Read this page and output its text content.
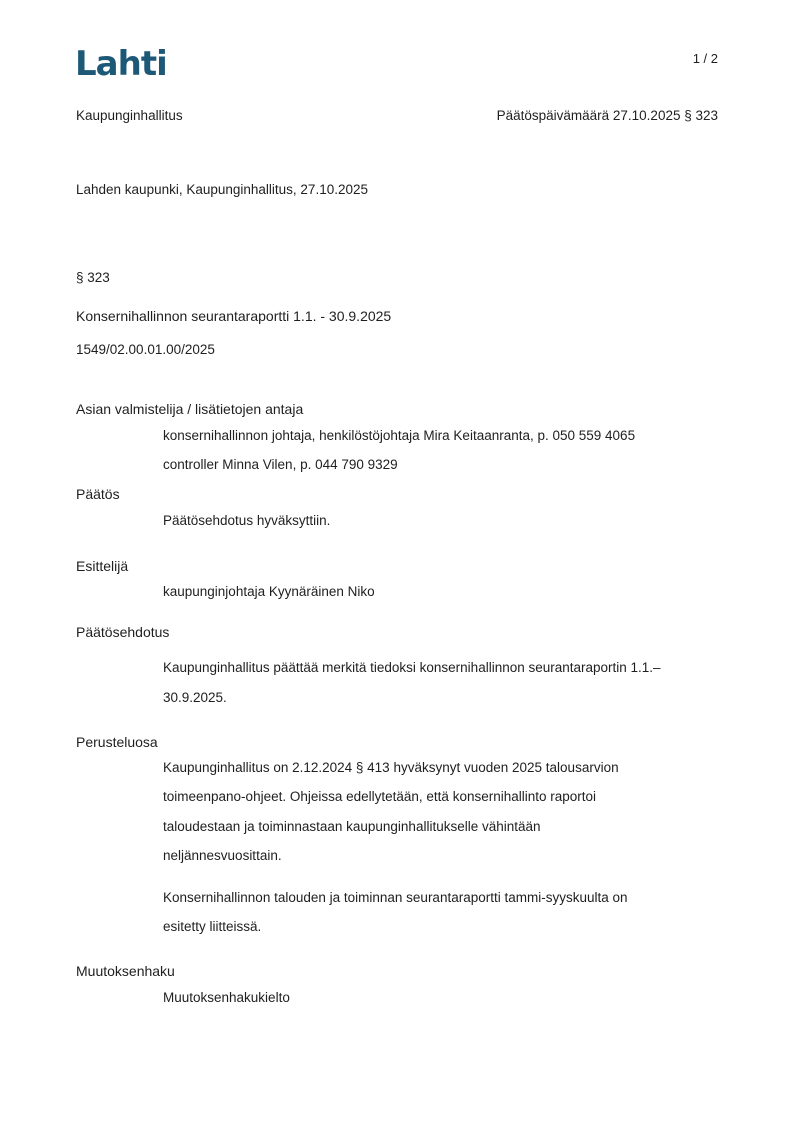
Lahti	1 / 2
Kaupunginhallitus	Päätöspäivämäärä 27.10.2025 § 323
Lahden kaupunki, Kaupunginhallitus, 27.10.2025
§ 323
Konsernihallinnon seurantaraportti 1.1. - 30.9.2025
1549/02.00.01.00/2025
Asian valmistelija / lisätietojen antaja
konsernihallinnon johtaja, henkilöstöjohtaja Mira Keitaanranta, p. 050 559 4065
controller Minna Vilen, p. 044 790 9329
Päätös
Päätösehdotus hyväksyttiin.
Esittelijä
kaupunginjohtaja Kyynäräinen Niko
Päätösehdotus
Kaupunginhallitus päättää merkitä tiedoksi konsernihallinnon seurantaraportin 1.1.–
30.9.2025.
Perusteluosa
Kaupunginhallitus on 2.12.2024 § 413 hyväksynyt vuoden 2025 talousarvion
toimeenpano-ohjeet. Ohjeissa edellytetään, että konsernihallinto raportoi
taloudestaan ja toiminnastaan kaupunginhallitukselle vähintään
neljännesvuosittain.
Konsernihallinnon talouden ja toiminnan seurantaraportti tammi-syyskuulta on
esitetty liitteissä.
Muutoksenhaku
Muutoksenhakukielto
